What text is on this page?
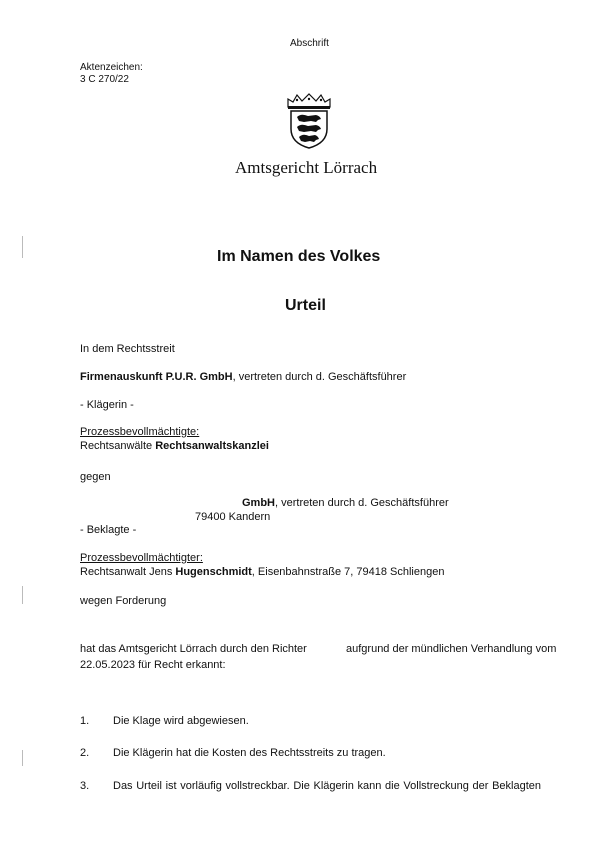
Abschrift
Aktenzeichen:
3 C 270/22
Amtsgericht Lörrach
Im Namen des Volkes
Urteil
In dem Rechtsstreit
Firmenauskunft P.U.R. GmbH, vertreten durch d. Geschäftsführer
- Klägerin -
Prozessbevollmächtigte:
Rechtsanwälte Rechtsanwaltskanzlei
gegen
GmbH, vertreten durch d. Geschäftsführer
79400 Kandern
- Beklagte -
Prozessbevollmächtigter:
Rechtsanwalt Jens Hugenschmidt, Eisenbahnstraße 7, 79418 Schliengen
wegen Forderung
hat das Amtsgericht Lörrach durch den Richter	aufgrund der mündlichen Verhandlung vom
22.05.2023 für Recht erkannt:
1. Die Klage wird abgewiesen.
2. Die Klägerin hat die Kosten des Rechtsstreits zu tragen.
3. Das Urteil ist vorläufig vollstreckbar. Die Klägerin kann die Vollstreckung der Beklagten
